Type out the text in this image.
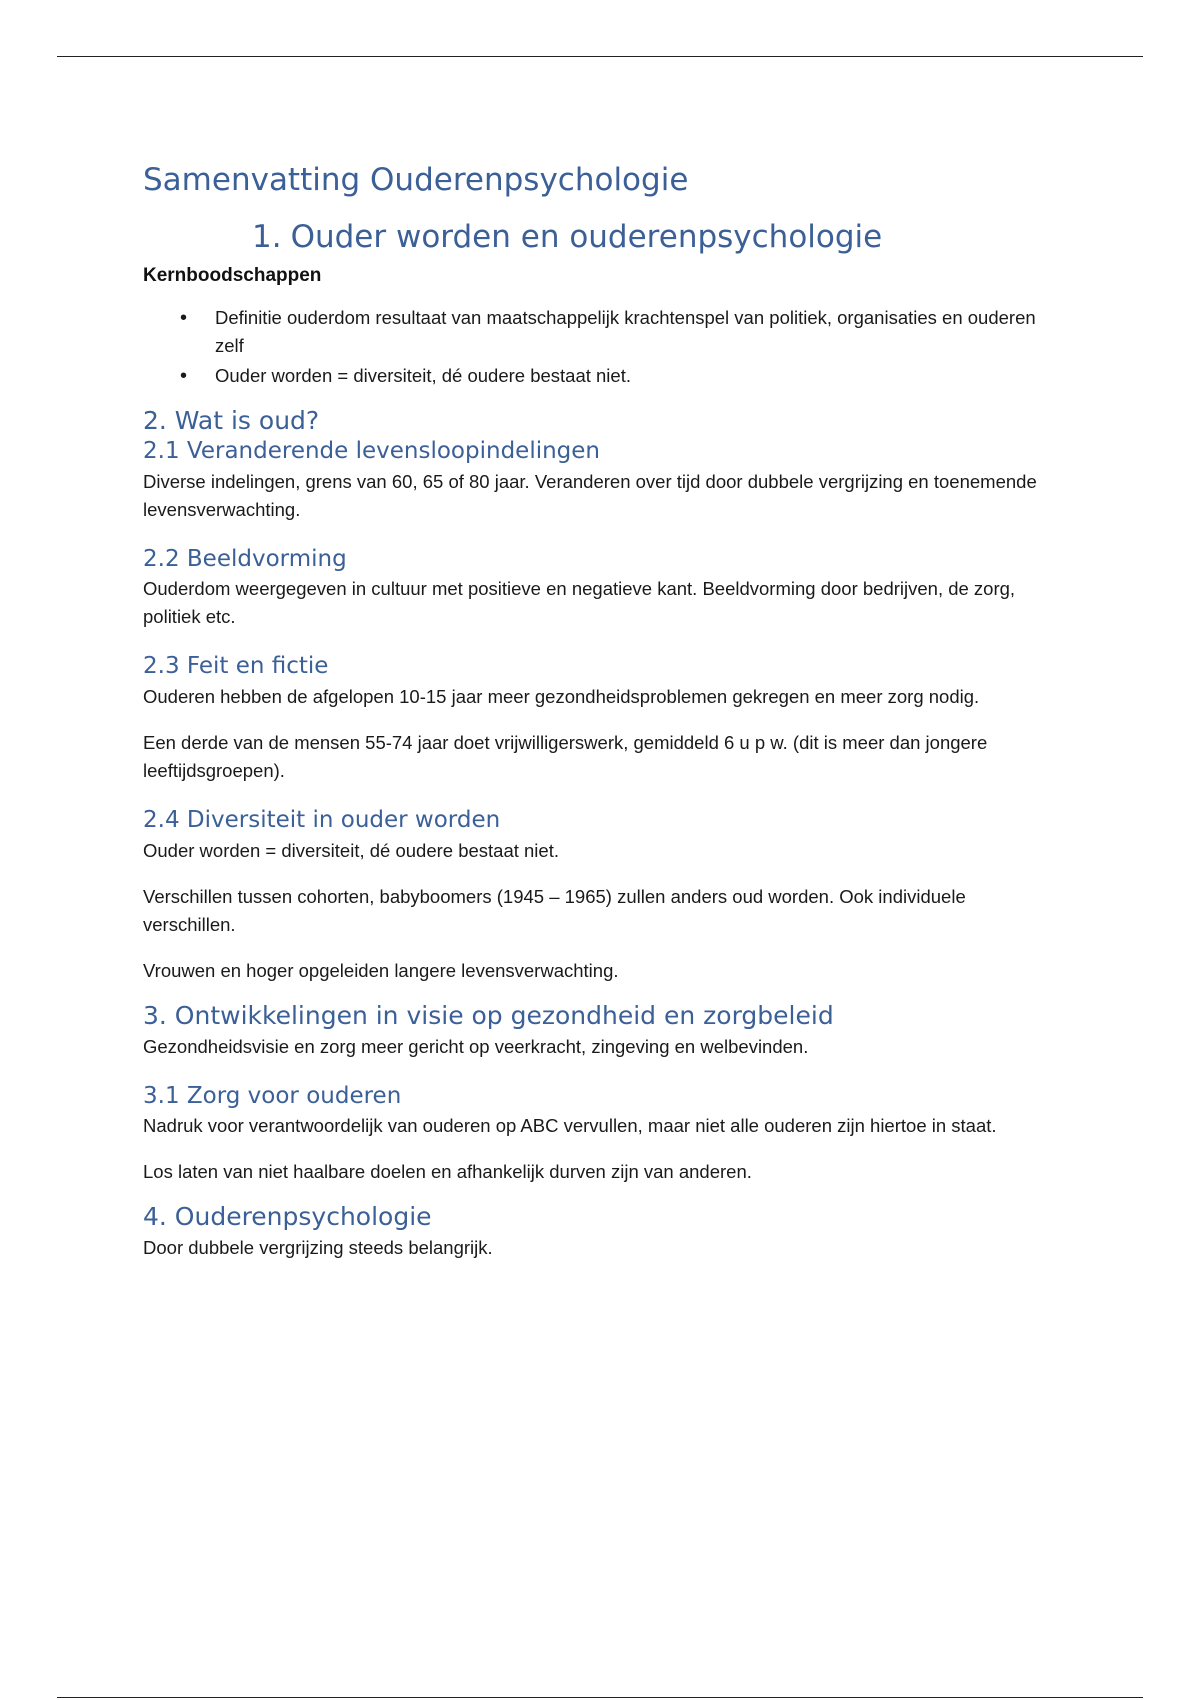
Samenvatting Ouderenpsychologie
1. Ouder worden en ouderenpsychologie
Kernboodschappen
• Definitie ouderdom resultaat van maatschappelijk krachtenspel van politiek, organisaties en ouderen zelf
• Ouder worden = diversiteit, dé oudere bestaat niet.
2. Wat is oud?
2.1 Veranderende levensloopindelingen

Diverse indelingen, grens van 60, 65 of 80 jaar. Veranderen over tijd door dubbele vergrijzing en toenemende levensverwachting.

2.2 Beeldvorming

Ouderdom weergegeven in cultuur met positieve en negatieve kant. Beeldvorming door bedrijven, de zorg, politiek etc.

2.3 Feit en fictie

Ouderen hebben de afgelopen 10-15 jaar meer gezondheidsproblemen gekregen en meer zorg nodig.

Een derde van de mensen 55-74 jaar doet vrijwilligerswerk, gemiddeld 6 u p w. (dit is meer dan jongere leeftijdsgroepen).

2.4 Diversiteit in ouder worden

Ouder worden = diversiteit, dé oudere bestaat niet.

Verschillen tussen cohorten, babyboomers (1945 – 1965) zullen anders oud worden. Ook individuele verschillen.

Vrouwen en hoger opgeleiden langere levensverwachting.

3. Ontwikkelingen in visie op gezondheid en zorgbeleid

Gezondheidsvisie en zorg meer gericht op veerkracht, zingeving en welbevinden.

3.1 Zorg voor ouderen

Nadruk voor verantwoordelijk van ouderen op ABC vervullen, maar niet alle ouderen zijn hiertoe in staat.

Los laten van niet haalbare doelen en afhankelijk durven zijn van anderen.

4. Ouderenpsychologie

Door dubbele vergrijzing steeds belangrijk.
